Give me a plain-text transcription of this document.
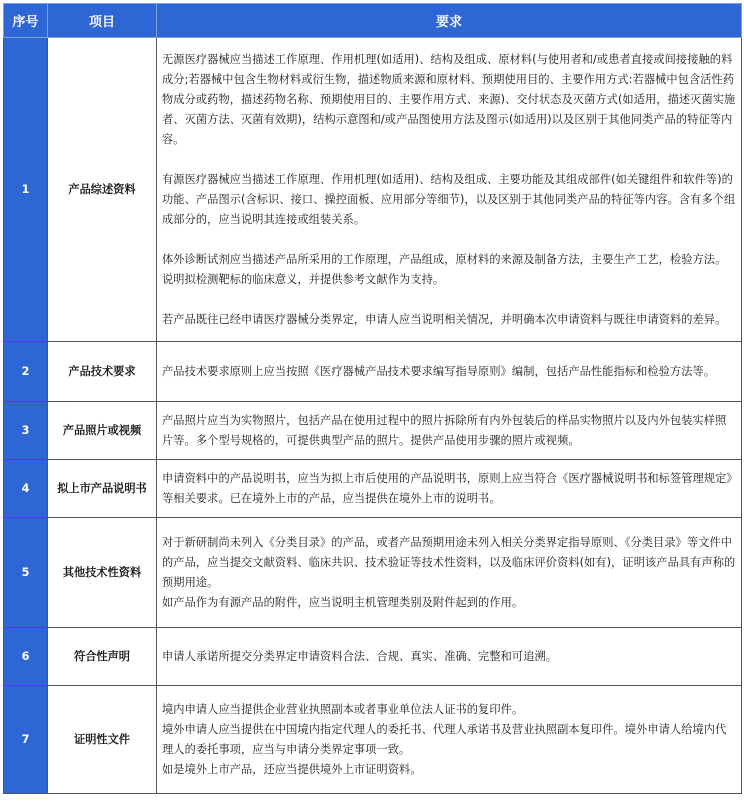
序号	项目	要求
1	产品综述资料	无源医疗器械应当描述工作原理、作用机理(如适用)、结构及组成、原材料(与使用者和/或患者直接或间接接触的料成分;若器械中包含生物材料或衍生物，描述物质来源和原材料、预期使用目的、主要作用方式:若器械中包含活性药物成分或药物，描述药物名称、预期使用目的、主要作用方式、来源)、交付状态及灭菌方式(如适用，描述灭菌实施者、灭菌方法、灭菌有效期)，结构示意图和/或产品图使用方法及图示(如适用)以及区别于其他同类产品的特征等内容。

有源医疗器械应当描述工作原理、作用机理(如适用)、结构及组成、主要功能及其组成部件(如关键组件和软件等)的功能、产品图示(含标识、接口、操控面板、应用部分等细节)，以及区别于其他同类产品的特征等内容。含有多个组成部分的，应当说明其连接或组装关系。

体外诊断试剂应当描述产品所采用的工作原理，产品组成，原材料的来源及制备方法，主要生产工艺，检验方法。说明拟检测靶标的临床意义，并提供参考文献作为支持。

若产品既往已经申请医疗器械分类界定，申请人应当说明相关情况，并明确本次申请资料与既往申请资料的差异。

2	产品技术要求	产品技术要求原则上应当按照《医疗器械产品技术要求编写指导原则》编制，包括产品性能指标和检验方法等。

3	产品照片或视频	产品照片应当为实物照片，包括产品在使用过程中的照片拆除所有内外包装后的样品实物照片以及内外包装实样照片等。多个型号规格的，可提供典型产品的照片。提供产品使用步骤的照片或视频。

4	拟上市产品说明书	申请资料中的产品说明书，应当为拟上市后使用的产品说明书，原则上应当符合《医疗器械说明书和标签管理规定》等相关要求。已在境外上市的产品，应当提供在境外上市的说明书。

5	其他技术性资料	对于新研制尚未列入《分类目录》的产品，或者产品预期用途未列入相关分类界定指导原则、《分类目录》等文件中的产品，应当提交文献资料、临床共识、技术验证等技术性资料，以及临床评价资料(如有)，证明该产品具有声称的预期用途。

如产品作为有源产品的附件，应当说明主机管理类别及附件起到的作用。

6	符合性声明	申请人承诺所提交分类界定申请资料合法、合规、真实、准确、完整和可追溯。

7	证明性文件	境内申请人应当提供企业营业执照副本或者事业单位法人证书的复印件。

境外申请人应当提供在中国境内指定代理人的委托书、代理人承诺书及营业执照副本复印件。境外申请人给境内代理人的委托事项，应当与申请分类界定事项一致。

如是境外上市产品，还应当提供境外上市证明资料。
